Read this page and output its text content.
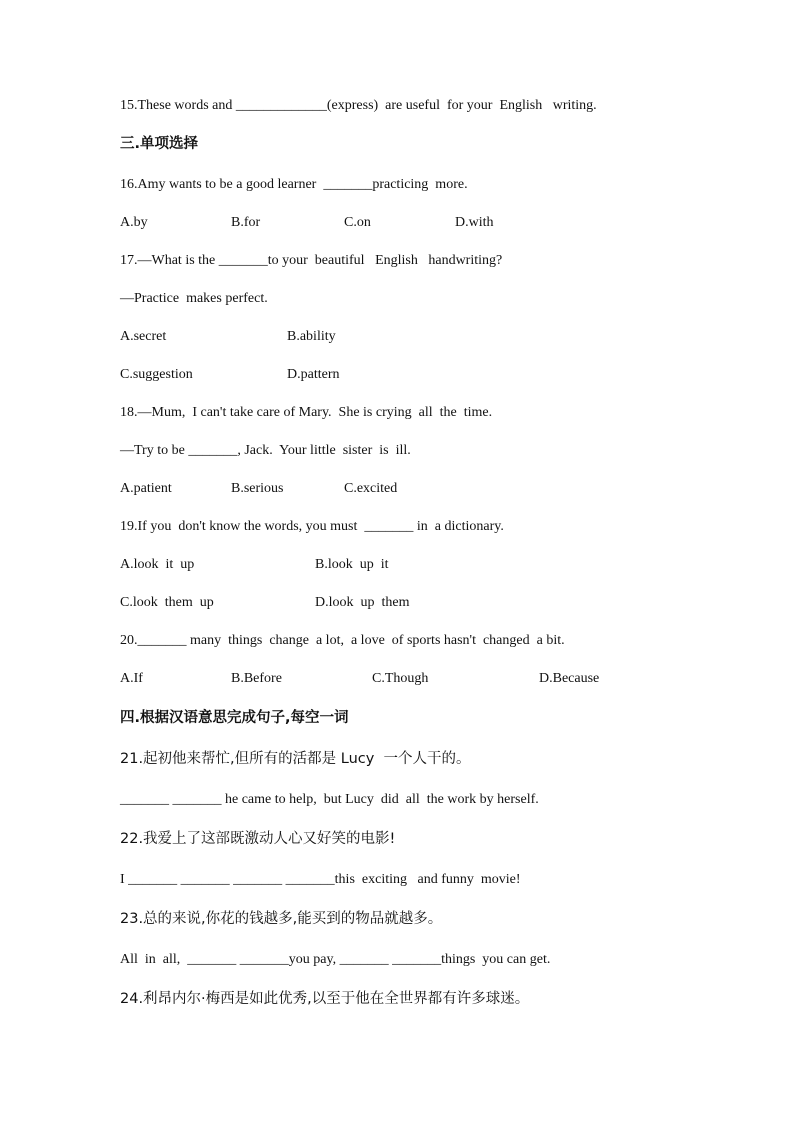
15.These words and _____________(express)  are useful  for your  English   writing.
三.单项选择
16.Amy wants to be a good learner  _______practicing  more.
A.by	B.for	C.on	D.with
17.—What is the _______to your  beautiful   English   handwriting?
—Practice  makes perfect.
A.secret	B.ability
C.suggestion	D.pattern
18.—Mum,  I can't take care of Mary.  She is crying  all  the  time.
—Try to be _______, Jack.  Your little  sister  is  ill.
A.patient	B.serious	C.excited
19.If you  don't know the words, you must  _______ in  a dictionary.
A.look  it  up	B.look  up  it
C.look  them  up	D.look  up  them
20._______ many  things  change  a lot,  a love  of sports hasn't  changed  a bit.
A.If	B.Before	C.Though	D.Because
四.根据汉语意思完成句子,每空一词
21.起初他来帮忙,但所有的活都是 Lucy  一个人干的。
_______ _______ he came to help,  but Lucy  did  all  the work by herself.
22.我爱上了这部既激动人心又好笑的电影!
I _______ _______ _______ _______this  exciting   and funny  movie!
23.总的来说,你花的钱越多,能买到的物品就越多。
All  in  all,  _______ _______you pay, _______ _______things  you can get.
24.利昂内尔·梅西是如此优秀,以至于他在全世界都有许多球迷。
